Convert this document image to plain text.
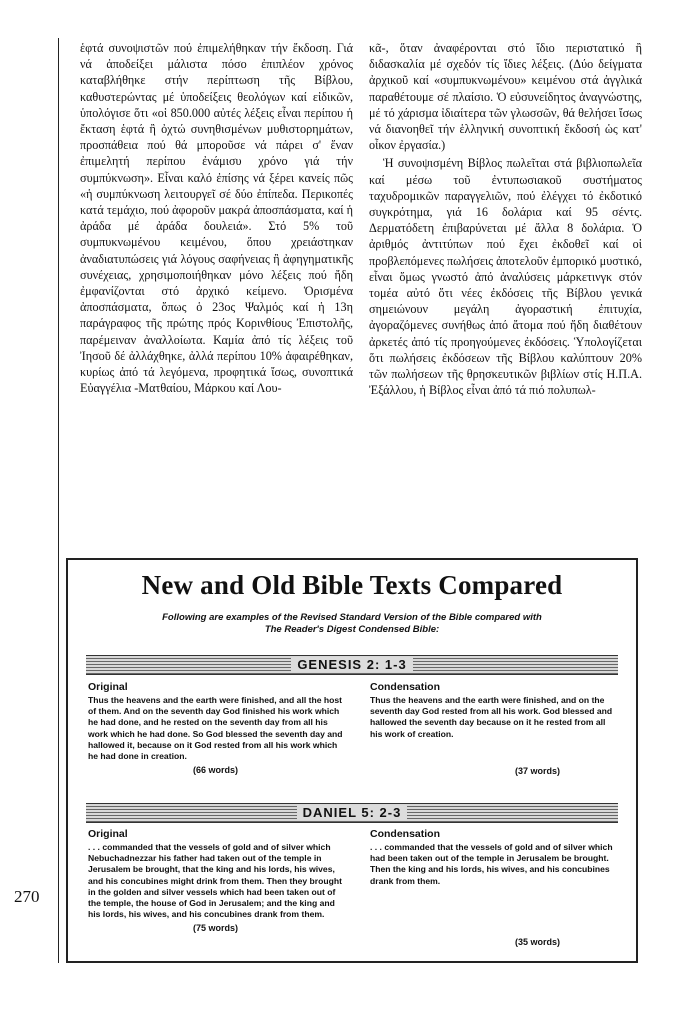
270

ἑφτά συνοψιστῶν πού ἐπιμελήθηκαν τήν ἔκδοση. Γιά νά ἀποδείξει μάλιστα πόσο ἐπιπλέον χρόνος καταβλήθηκε στήν περίπτωση τῆς Βίβλου, καθυστερώντας μέ ὑποδείξεις θεολόγων καί εἰδικῶν, ὑπολόγισε ὅτι «οἱ 850.000 αὐτές λέξεις εἶναι περίπου ἡ ἔκταση ἑφτά ἢ ὀχτώ συνηθισμένων μυθιστορημάτων, προσπάθεια πού θά μποροῦσε νά πάρει σ' ἕναν ἐπιμελητή περίπου ἐνάμισυ χρόνο γιά τήν συμπύκνωση». Εἶναι καλό ἐπίσης νά ξέρει κανείς πῶς «ἡ συμπύκνωση λειτουργεῖ σέ δύο ἐπίπεδα. Περικοπές κατά τεμάχιο, πού ἀφοροῦν μακρά ἀποσπάσματα, καί ἡ ἀράδα μέ ἀράδα δουλειά». Στό 5% τοῦ συμπυκνωμένου κειμένου, ὅπου χρειάστηκαν ἀναδιατυπώσεις γιά λόγους σαφήνειας ἢ ἀφηγηματικῆς συνέχειας, χρησιμοποιήθηκαν μόνο λέξεις πού ἤδη ἐμφανίζονται στό ἀρχικό κείμενο. Ὁρισμένα ἀποσπάσματα, ὅπως ὁ 23ος Ψαλμός καί ἡ 13η παράγραφος τῆς πρώτης πρός Κορινθίους Ἐπιστολῆς, παρέμειναν ἀναλλοίωτα. Καμία ἀπό τίς λέξεις τοῦ Ἰησοῦ δέ ἀλλάχθηκε, ἀλλά περίπου 10% ἀφαιρέθηκαν, κυρίως ἀπό τά λεγόμενα, προφητικά ἴσως, συνοπτικά Εὐαγγέλια -Ματθαίου, Μάρκου καί Λου-

κᾶ-, ὅταν ἀναφέρονται στό ἴδιο περιστατικό ἢ διδασκαλία μέ σχεδόν τίς ἴδιες λέξεις. (Δύο δείγματα ἀρχικοῦ καί «συμπυκνωμένου» κειμένου στά ἀγγλικά παραθέτουμε σέ πλαίσιο. Ὁ εὐσυνείδητος ἀναγνώστης, μέ τό χάρισμα ἰδιαίτερα τῶν γλωσσῶν, θά θελήσει ἴσως νά διανοηθεῖ τήν ἑλληνική συνοπτική ἔκδοσή ὡς κατ' οἶκον ἐργασία.)

Ἡ συνοψισμένη Βίβλος πωλεῖται στά βιβλιοπωλεῖα καί μέσω τοῦ ἐντυπωσιακοῦ συστήματος ταχυδρομικῶν παραγγελιῶν, πού ἐλέγχει τό ἐκδοτικό συγκρότημα, γιά 16 δολάρια καί 95 σέντς. Δερματόδετη ἐπιβαρύνεται μέ ἄλλα 8 δολάρια. Ὁ ἀριθμός ἀντιτύπων πού ἔχει ἐκδοθεῖ καί οἱ προβλεπόμενες πωλήσεις ἀποτελοῦν ἐμπορικό μυστικό, εἶναι ὅμως γνωστό ἀπό ἀναλύσεις μάρκετινγκ στόν τομέα αὐτό ὅτι νέες ἐκδόσεις τῆς Βίβλου γενικά σημειώνουν μεγάλη ἀγοραστική ἐπιτυχία, ἀγοραζόμενες συνήθως ἀπό ἄτομα πού ἤδη διαθέτουν ἀρκετές ἀπό τίς προηγούμενες ἐκδόσεις. Ὑπολογίζεται ὅτι πωλήσεις ἐκδόσεων τῆς Βίβλου καλύπτουν 20% τῶν πωλήσεων τῆς θρησκευτικῶν βιβλίων στίς Η.Π.Α. Ἐξάλλου, ἡ Βίβλος εἶναι ἀπό τά πιό πολυπωλ-

New and Old Bible Texts Compared
Following are examples of the Revised Standard Version of the Bible compared with The Reader's Digest Condensed Bible:
GENESIS 2: 1-3
Original
Thus the heavens and the earth were finished, and all the host of them. And on the seventh day God finished his work which he had done, and he rested on the seventh day from all his work which he had done. So God blessed the seventh day and hallowed it, because on it God rested from all his work which he had done in creation.
(66 words)
Condensation
Thus the heavens and the earth were finished, and on the seventh day God rested from all his work. God blessed and hallowed the seventh day because on it he rested from all his work of creation.
(37 words)
DANIEL 5: 2-3
Original
. . . commanded that the vessels of gold and of silver which Nebuchadnezzar his father had taken out of the temple in Jerusalem be brought, that the king and his lords, his wives, and his concubines might drink from them. Then they brought in the golden and silver vessels which had been taken out of the temple, the house of God in Jerusalem; and the king and his lords, his wives, and his concubines drank from them.
(75 words)
Condensation
. . . commanded that the vessels of gold and of silver which had been taken out of the temple in Jerusalem be brought. Then the king and his lords, his wives, and his concubines drank from them.
(35 words)
